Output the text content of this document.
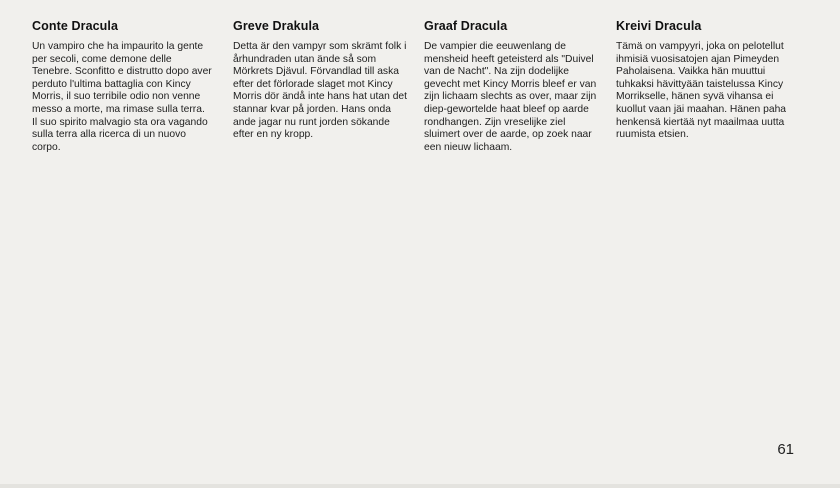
Conte Dracula

Un vampiro che ha impaurito la gente per secoli, come demone delle Tenebre. Sconfitto e distrutto dopo aver perduto l'ultima battaglia con Kincy Morris, il suo terribile odio non venne messo a morte, ma rimase sulla terra. Il suo spirito malvagio sta ora vagando sulla terra alla ricerca di un nuovo corpo.

Greve Drakula

Detta är den vampyr som skrämt folk i århundraden utan ände så som Mörkrets Djävul. Förvandlad till aska efter det förlorade slaget mot Kincy Morris dör ändå inte hans hat utan det stannar kvar på jorden. Hans onda ande jagar nu runt jorden sökande efter en ny kropp.

Graaf Dracula

De vampier die eeuwenlang de mensheid heeft geteisterd als "Duivel van de Nacht". Na zijn dodelijke gevecht met Kincy Morris bleef er van zijn lichaam slechts as over, maar zijn diep-gewortelde haat bleef op aarde rondhangen. Zijn vreselijke ziel sluimert over de aarde, op zoek naar een nieuw lichaam.

Kreivi Dracula

Tämä on vampyyri, joka on pelotellut ihmisiä vuosisatojen ajan Pimeyden Paholaisena. Vaikka hän muuttui tuhkaksi hävittyään taistelussa Kincy Morrikselle, hänen syvä vihansa ei kuollut vaan jäi maahan. Hänen paha henkensä kiertää nyt maailmaa uutta ruumista etsien.

61
